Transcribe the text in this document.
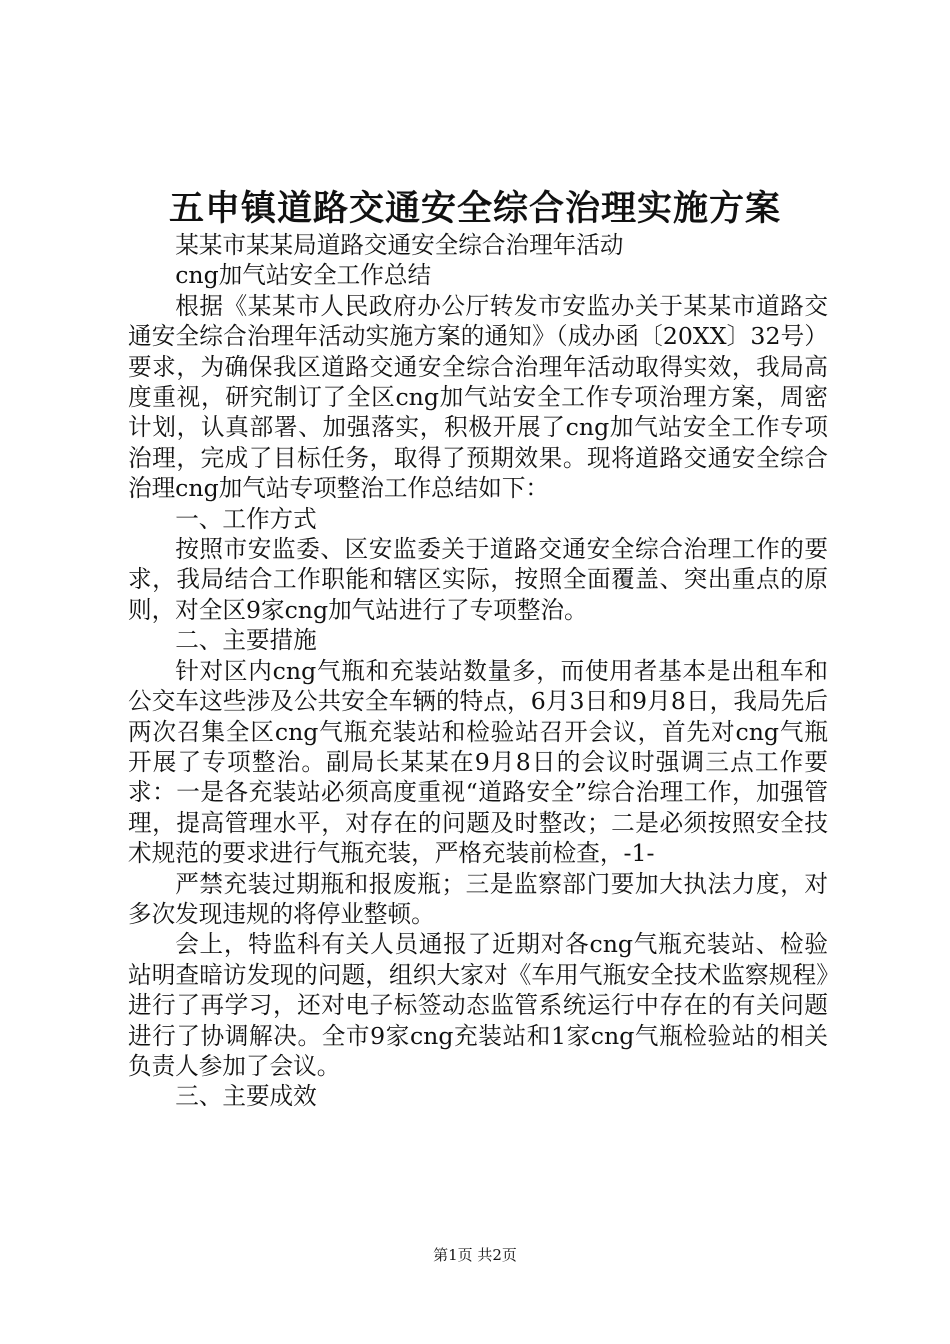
五申镇道路交通安全综合治理实施方案

某某市某某局道路交通安全综合治理年活动

cng加气站安全工作总结

根据《某某市人民政府办公厅转发市安监办关于某某市道路交通安全综合治理年活动实施方案的通知》（成办函〔20XX〕32号）要求，为确保我区道路交通安全综合治理年活动取得实效，我局高度重视，研究制订了全区cng加气站安全工作专项治理方案，周密计划，认真部署、加强落实，积极开展了cng加气站安全工作专项治理，完成了目标任务，取得了预期效果。现将道路交通安全综合治理cng加气站专项整治工作总结如下：

一、工作方式

按照市安监委、区安监委关于道路交通安全综合治理工作的要求，我局结合工作职能和辖区实际，按照全面覆盖、突出重点的原则，对全区9家cng加气站进行了专项整治。

二、主要措施

针对区内cng气瓶和充装站数量多，而使用者基本是出租车和公交车这些涉及公共安全车辆的特点，6月3日和9月8日，我局先后两次召集全区cng气瓶充装站和检验站召开会议，首先对cng气瓶开展了专项整治。副局长某某在9月8日的会议时强调三点工作要求：一是各充装站必须高度重视“道路安全”综合治理工作，加强管理，提高管理水平，对存在的问题及时整改；二是必须按照安全技术规范的要求进行气瓶充装，严格充装前检查，-1-

严禁充装过期瓶和报废瓶；三是监察部门要加大执法力度，对多次发现违规的将停业整顿。

会上，特监科有关人员通报了近期对各cng气瓶充装站、检验站明查暗访发现的问题，组织大家对《车用气瓶安全技术监察规程》进行了再学习，还对电子标签动态监管系统运行中存在的有关问题进行了协调解决。全市9家cng充装站和1家cng气瓶检验站的相关负责人参加了会议。

三、主要成效

第1页 共2页
